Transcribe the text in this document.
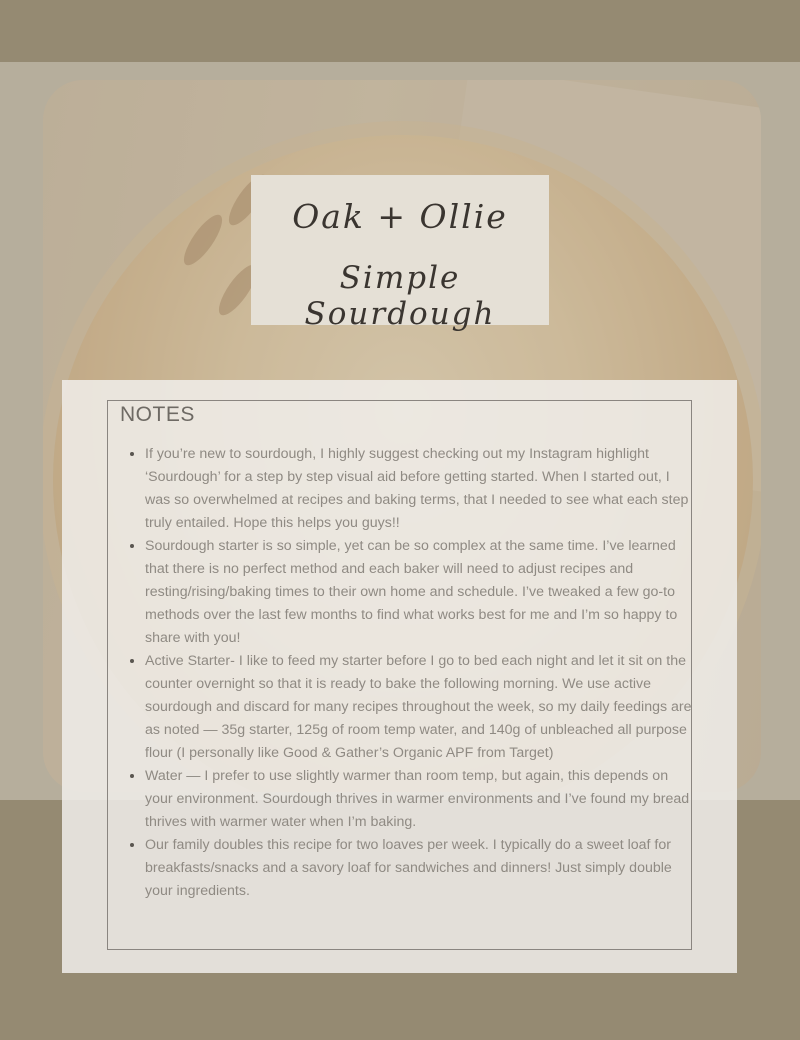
Oak + Ollie
Simple Sourdough
NOTES
• If you’re new to sourdough, I highly suggest checking out my Instagram highlight ‘Sourdough’ for a step by step visual aid before getting started. When I started out, I was so overwhelmed at recipes and baking terms, that I needed to see what each step truly entailed. Hope this helps you guys!!
• Sourdough starter is so simple, yet can be so complex at the same time. I’ve learned that there is no perfect method and each baker will need to adjust recipes and resting/rising/baking times to their own home and schedule. I’ve tweaked a few go-to methods over the last few months to find what works best for me and I’m so happy to share with you!
• Active Starter- I like to feed my starter before I go to bed each night and let it sit on the counter overnight so that it is ready to bake the following morning. We use active sourdough and discard for many recipes throughout the week, so my daily feedings are as noted — 35g starter, 125g of room temp water, and 140g of unbleached all purpose flour (I personally like Good & Gather’s Organic APF from Target)
• Water — I prefer to use slightly warmer than room temp, but again, this depends on your environment. Sourdough thrives in warmer environments and I’ve found my bread thrives with warmer water when I’m baking.
• Our family doubles this recipe for two loaves per week. I typically do a sweet loaf for breakfasts/snacks and a savory loaf for sandwiches and dinners! Just simply double your ingredients.
